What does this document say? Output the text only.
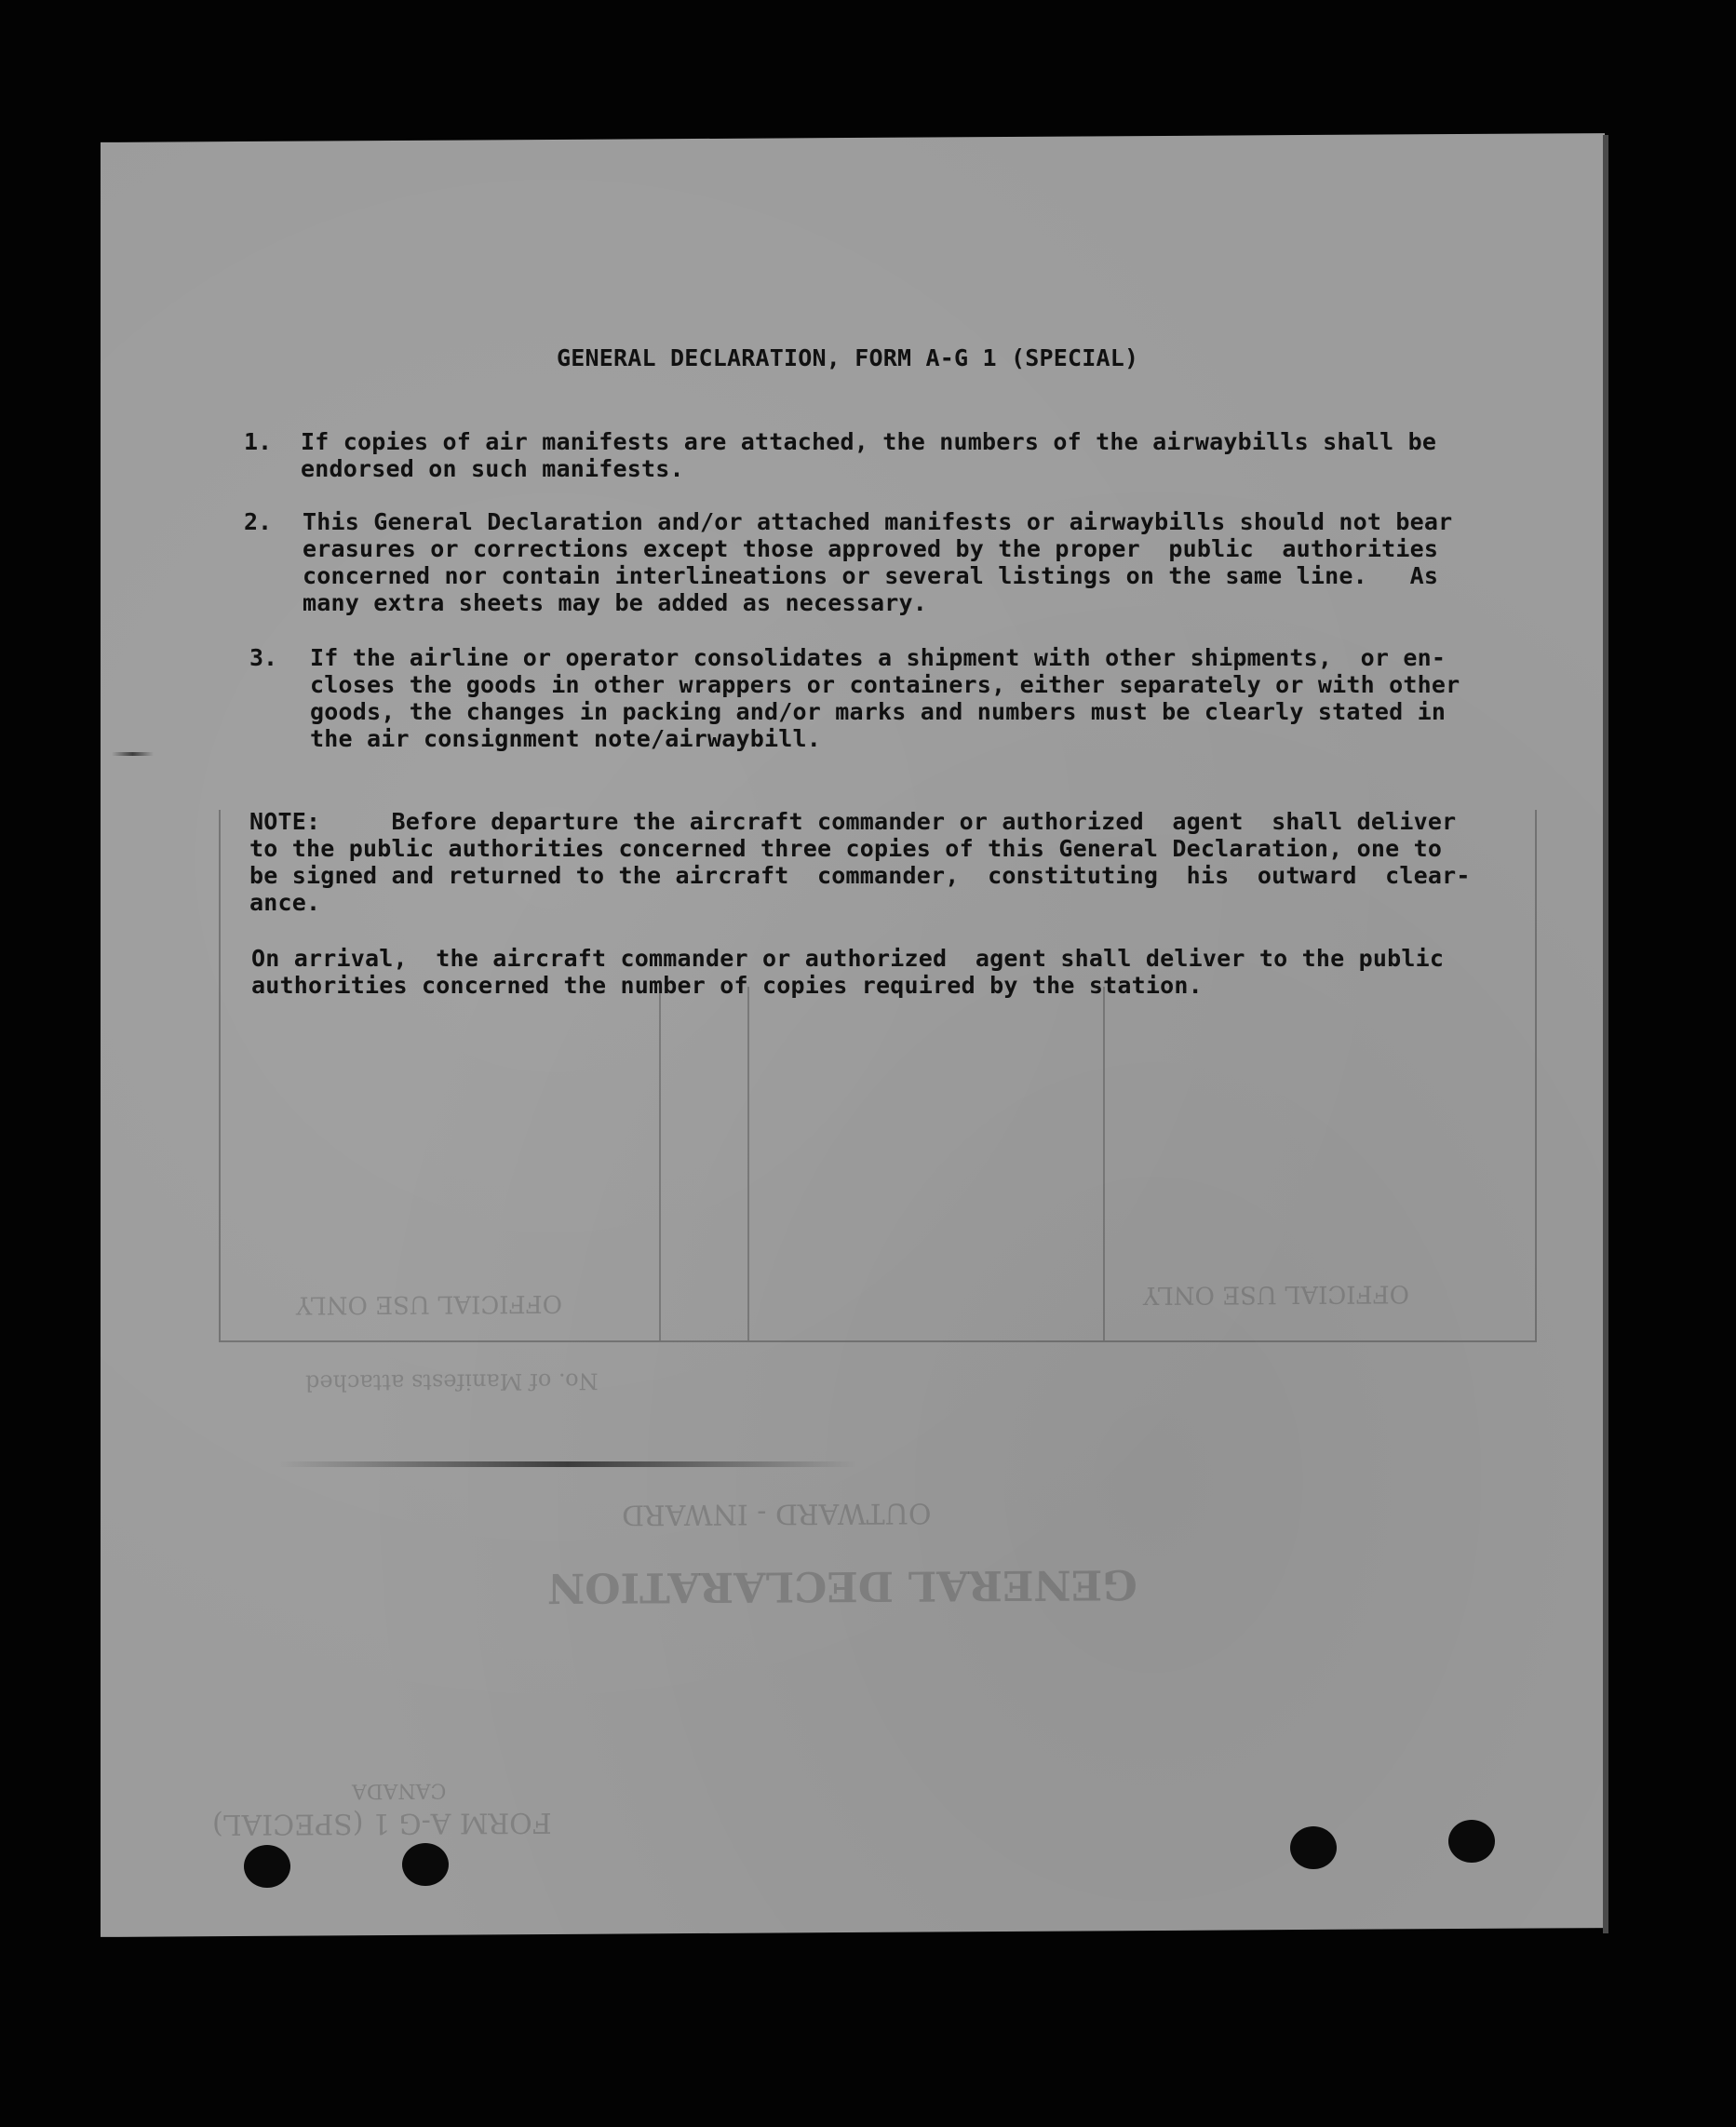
GENERAL DECLARATION
OUTWARD - INWARD
FORM A-G 1 (SPECIAL)
CANADA
OFFICIAL USE ONLY	OFFICIAL USE ONLY
No. of Manifests attached
GENERAL DECLARATION, FORM A-G 1 (SPECIAL)
1. If copies of air manifests are attached, the numbers of the airwaybills shall be
endorsed on such manifests.
2. This General Declaration and/or attached manifests or airwaybills should not bear
erasures or corrections except those approved by the proper  public  authorities
concerned nor contain interlineations or several listings on the same line.   As
many extra sheets may be added as necessary.
3. If the airline or operator consolidates a shipment with other shipments,  or en-
closes the goods in other wrappers or containers, either separately or with other
goods, the changes in packing and/or marks and numbers must be clearly stated in
the air consignment note/airwaybill.
NOTE:     Before departure the aircraft commander or authorized  agent  shall deliver
to the public authorities concerned three copies of this General Declaration, one to
be signed and returned to the aircraft  commander,  constituting  his  outward  clear-
ance.
On arrival,  the aircraft commander or authorized  agent shall deliver to the public
authorities concerned the number of copies required by the station.
